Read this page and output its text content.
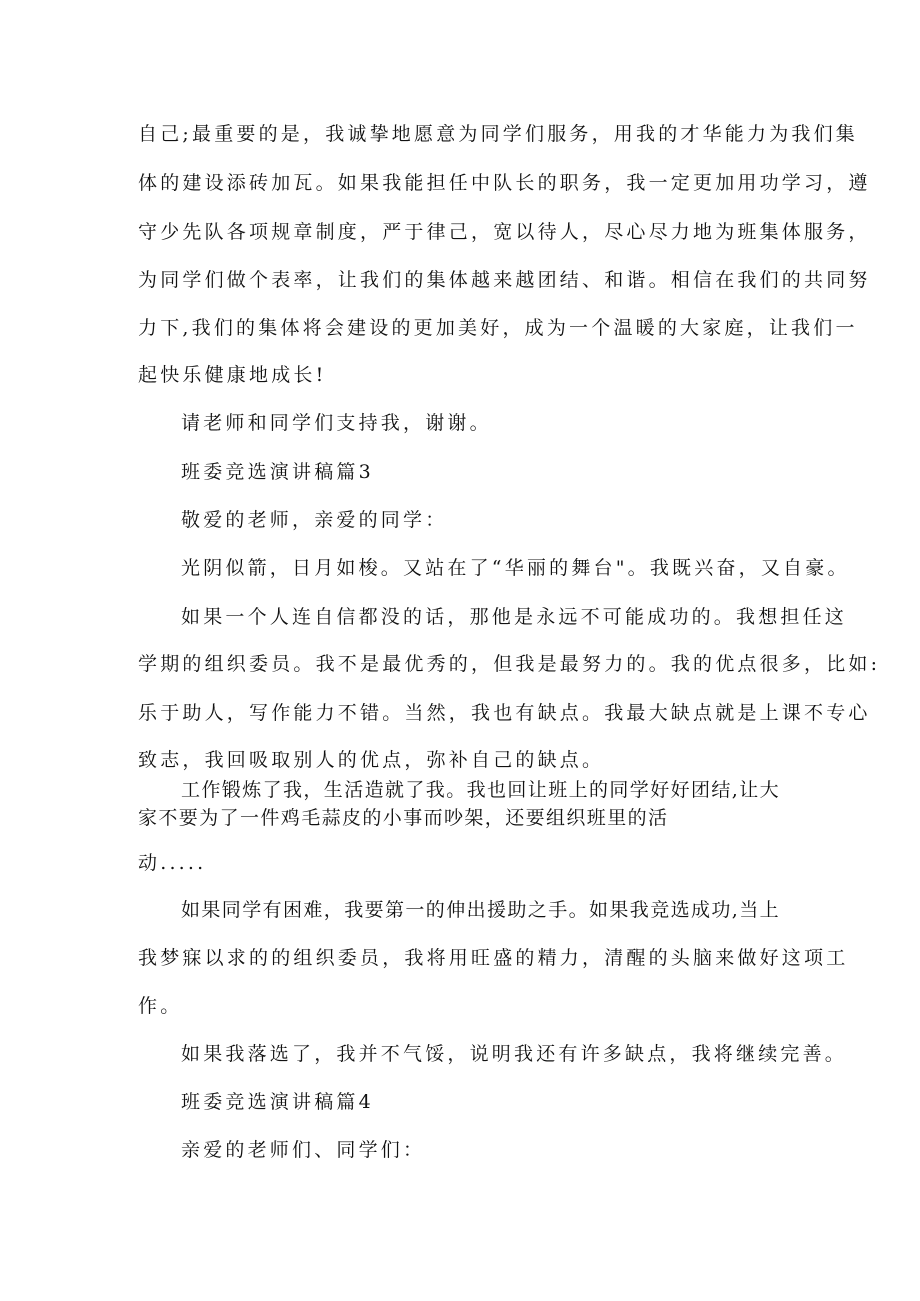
自己;最重要的是，我诚挚地愿意为同学们服务，用我的才华能力为我们集
体的建设添砖加瓦。如果我能担任中队长的职务，我一定更加用功学习，遵
守少先队各项规章制度，严于律己，宽以待人，尽心尽力地为班集体服务，
为同学们做个表率，让我们的集体越来越团结、和谐。相信在我们的共同努
力下,我们的集体将会建设的更加美好，成为一个温暖的大家庭，让我们一
起快乐健康地成长!
请老师和同学们支持我，谢谢。
班委竞选演讲稿篇3
敬爱的老师，亲爱的同学：
光阴似箭，日月如梭。又站在了“华丽的舞台"。我既兴奋，又自豪。
如果一个人连自信都没的话，那他是永远不可能成功的。我想担任这
学期的组织委员。我不是最优秀的，但我是最努力的。我的优点很多，比如:
乐于助人，写作能力不错。当然，我也有缺点。我最大缺点就是上课不专心
致志，我回吸取别人的优点，弥补自己的缺点。
工作锻炼了我，生活造就了我。我也回让班上的同学好好团结,让大
家不要为了一件鸡毛蒜皮的小事而吵架，还要组织班里的活
动.....
如果同学有困难，我要第一的伸出援助之手。如果我竞选成功,当上
我梦寐以求的的组织委员，我将用旺盛的精力，清醒的头脑来做好这项工
作。
如果我落选了，我并不气馁，说明我还有许多缺点，我将继续完善。
班委竞选演讲稿篇4
亲爱的老师们、同学们：
